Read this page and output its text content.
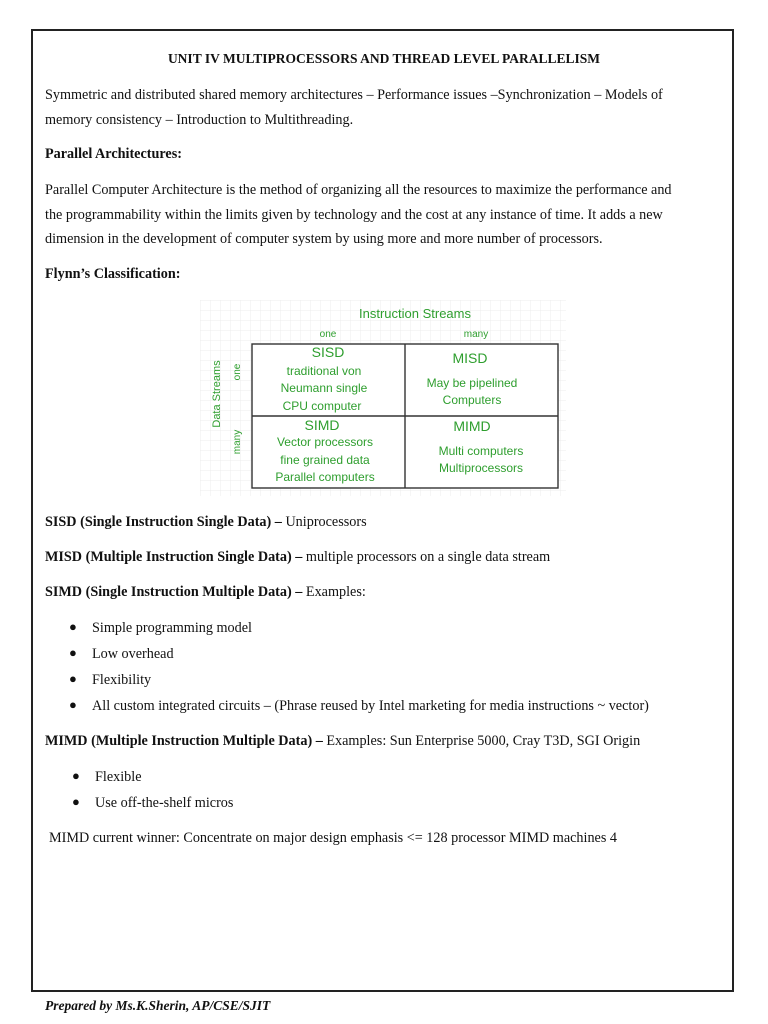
UNIT IV MULTIPROCESSORS AND THREAD LEVEL PARALLELISM
Symmetric and distributed shared memory architectures – Performance issues –Synchronization – Models of
memory consistency – Introduction to Multithreading.
Parallel Architectures:
Parallel Computer Architecture is the method of organizing all the resources to maximize the performance and
the programmability within the limits given by technology and the cost at any instance of time. It adds a new
dimension in the development of computer system by using more and more number of processors.
Flynn’s Classification:
Instruction Streams
one	many
Data Streams one
many
SISD
traditional von
Neumann single
CPU computer
MISD
May be pipelined
Computers
SIMD
Vector processors
fine grained data
Parallel computers
MIMD
Multi computers
Multiprocessors
SISD (Single Instruction Single Data) – Uniprocessors
MISD (Multiple Instruction Single Data) – multiple processors on a single data stream
SIMD (Single Instruction Multiple Data) – Examples:
● Simple programming model
● Low overhead
● Flexibility
● All custom integrated circuits – (Phrase reused by Intel marketing for media instructions ~ vector)
MIMD (Multiple Instruction Multiple Data) – Examples: Sun Enterprise 5000, Cray T3D, SGI Origin
● Flexible
● Use off-the-shelf micros
MIMD current winner: Concentrate on major design emphasis <= 128 processor MIMD machines 4
Prepared by Ms.K.Sherin, AP/CSE/SJIT
